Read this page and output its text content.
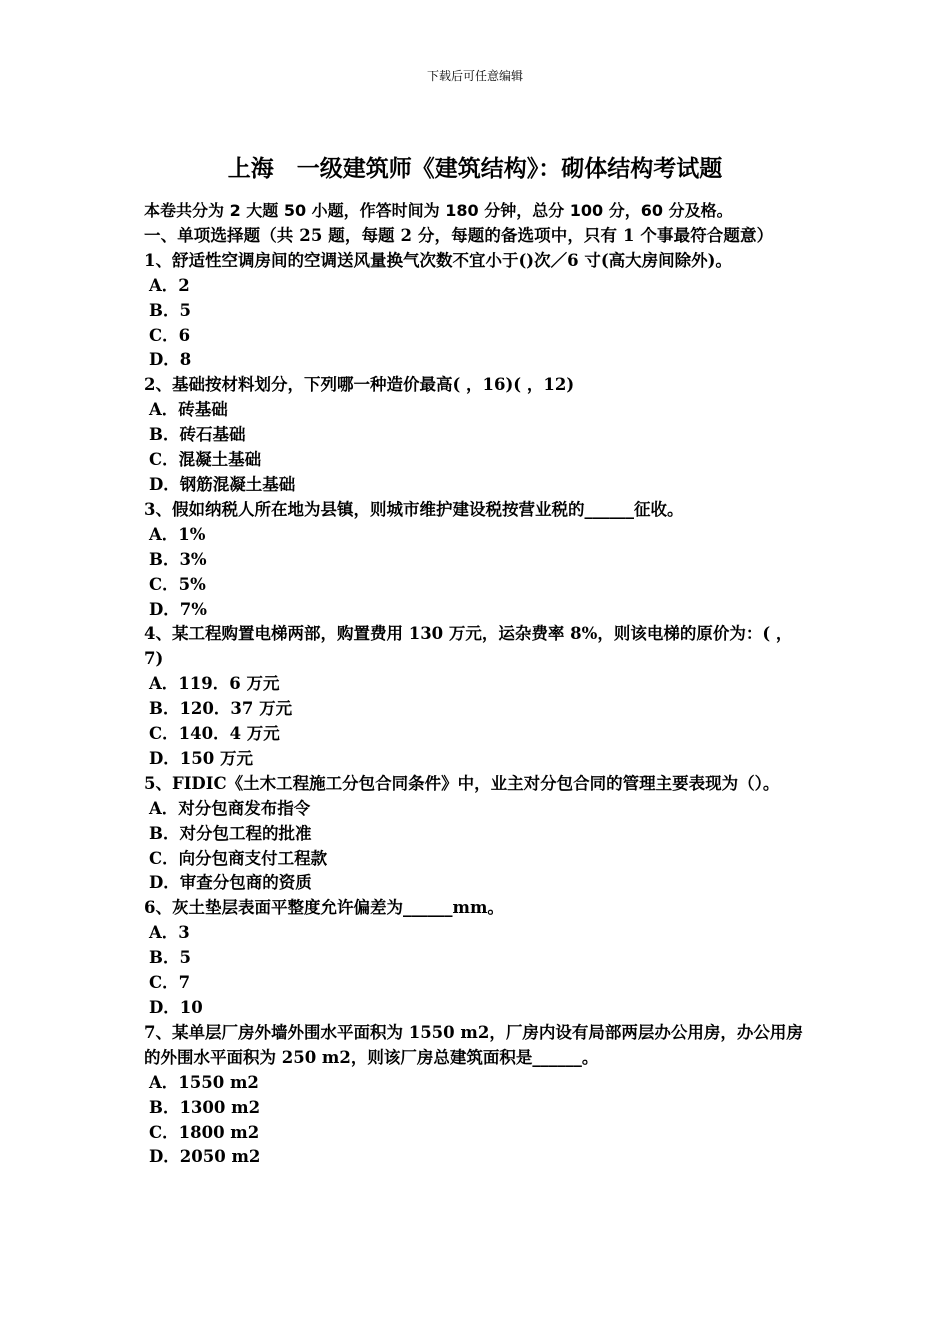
下载后可任意编辑
上海　一级建筑师《建筑结构》：砌体结构考试题
本卷共分为 2 大题 50 小题，作答时间为 180 分钟，总分 100 分，60 分及格。
一、单项选择题（共 25 题，每题 2 分，每题的备选项中，只有 1 个事最符合题意）
1、舒适性空调房间的空调送风量换气次数不宜小于()次／6 寸(高大房间除外)。
A．2
B．5
C．6
D．8
2、基础按材料划分，下列哪一种造价最高( ，16)( ，12)
A．砖基础
B．砖石基础
C．混凝土基础
D．钢筋混凝土基础
3、假如纳税人所在地为县镇，则城市维护建设税按营业税的______征收。
A．1%
B．3%
C．5%
D．7%
4、某工程购置电梯两部，购置费用 130 万元，运杂费率 8%，则该电梯的原价为：( ，7)
A．119．6 万元
B．120．37 万元
C．140．4 万元
D．150 万元
5、FIDIC《土木工程施工分包合同条件》中，业主对分包合同的管理主要表现为（）。
A．对分包商发布指令
B．对分包工程的批准
C．向分包商支付工程款
D．审查分包商的资质
6、灰土垫层表面平整度允许偏差为______mm。
A．3
B．5
C．7
D．10
7、某单层厂房外墙外围水平面积为 1550 m2，厂房内设有局部两层办公用房，办公用房的外围水平面积为 250 m2，则该厂房总建筑面积是______。
A．1550 m2
B．1300 m2
C．1800 m2
D．2050 m2
